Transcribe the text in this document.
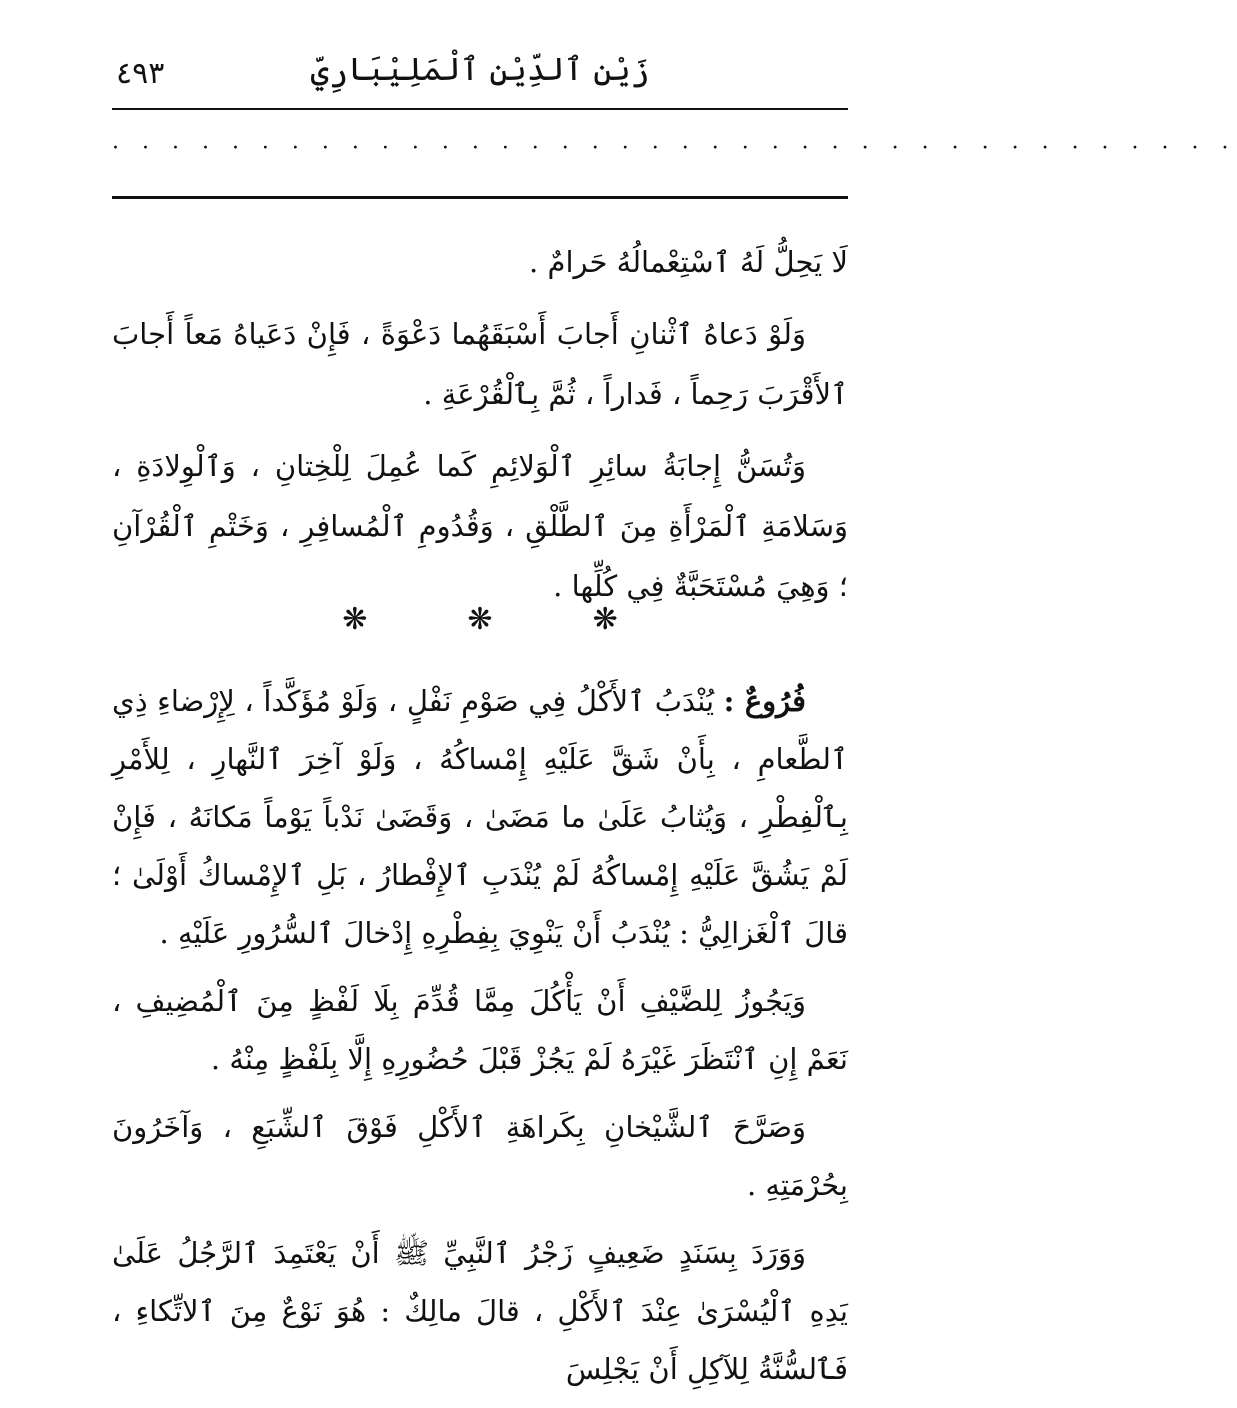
٤٩٣	زَيْن ٱلدِّيْنِ ٱلْمَلِيْبَارِيّ
· · · · · · · · · · · · · · · · · · · · · · · · · · · · · · · · · · · · · ·

لَا يَحِلُّ لَهُ ٱسْتِعْمالُهُ حَرامٌ .

وَلَوْ دَعاهُ ٱثْنانِ أَجابَ أَسْبَقَهُما دَعْوَةً ، فَإِنْ دَعَياهُ مَعاً أَجابَ ٱلأَقْرَبَ رَحِماً ، فَداراً ، ثُمَّ بِٱلْقُرْعَةِ .

وَتُسَنُّ إِجابَةُ سائِرِ ٱلْوَلائِمِ كَما عُمِلَ لِلْخِتانِ ، وَٱلْوِلادَةِ ، وَسَلامَةِ ٱلْمَرْأَةِ مِنَ ٱلطَّلْقِ ، وَقُدُومِ ٱلْمُسافِرِ ، وَخَتْمِ ٱلْقُرْآنِ ؛ وَهِيَ مُسْتَحَبَّةٌ فِي كُلِّها .

❋	❋	❋

فُرُوعٌ : يُنْدَبُ ٱلأَكْلُ فِي صَوْمِ نَفْلٍ ، وَلَوْ مُؤَكَّداً ، لِإِرْضاءِ ذِي ٱلطَّعامِ ، بِأَنْ شَقَّ عَلَيْهِ إِمْساكُهُ ، وَلَوْ آخِرَ ٱلنَّهارِ ، لِلأَمْرِ بِٱلْفِطْرِ ، وَيُثابُ عَلَىٰ ما مَضَىٰ ، وَقَضَىٰ نَدْباً يَوْماً مَكانَهُ ، فَإِنْ لَمْ يَشُقَّ عَلَيْهِ إِمْساكُهُ لَمْ يُنْدَبِ ٱلإِفْطارُ ، بَلِ ٱلإِمْساكُ أَوْلَىٰ ؛ قالَ ٱلْغَزالِيُّ : يُنْدَبُ أَنْ يَنْوِيَ بِفِطْرِهِ إِدْخالَ ٱلسُّرُورِ عَلَيْهِ .

وَيَجُوزُ لِلضَّيْفِ أَنْ يَأْكُلَ مِمَّا قُدِّمَ بِلَا لَفْظٍ مِنَ ٱلْمُضِيفِ ، نَعَمْ إِنِ ٱنْتَظَرَ غَيْرَهُ لَمْ يَجُزْ قَبْلَ حُضُورِهِ إِلَّا بِلَفْظٍ مِنْهُ .

وَصَرَّحَ ٱلشَّيْخانِ بِكَراهَةِ ٱلأَكْلِ فَوْقَ ٱلشِّبَعِ ، وَآخَرُونَ بِحُرْمَتِهِ .

وَوَرَدَ بِسَنَدٍ ضَعِيفٍ زَجْرُ ٱلنَّبِيِّ ﷺ أَنْ يَعْتَمِدَ ٱلرَّجُلُ عَلَىٰ يَدِهِ ٱلْيُسْرَىٰ عِنْدَ ٱلأَكْلِ ، قالَ مالِكٌ : هُوَ نَوْعٌ مِنَ ٱلاتِّكاءِ ، فَٱلسُّنَّةُ لِلآكِلِ أَنْ يَجْلِسَ
